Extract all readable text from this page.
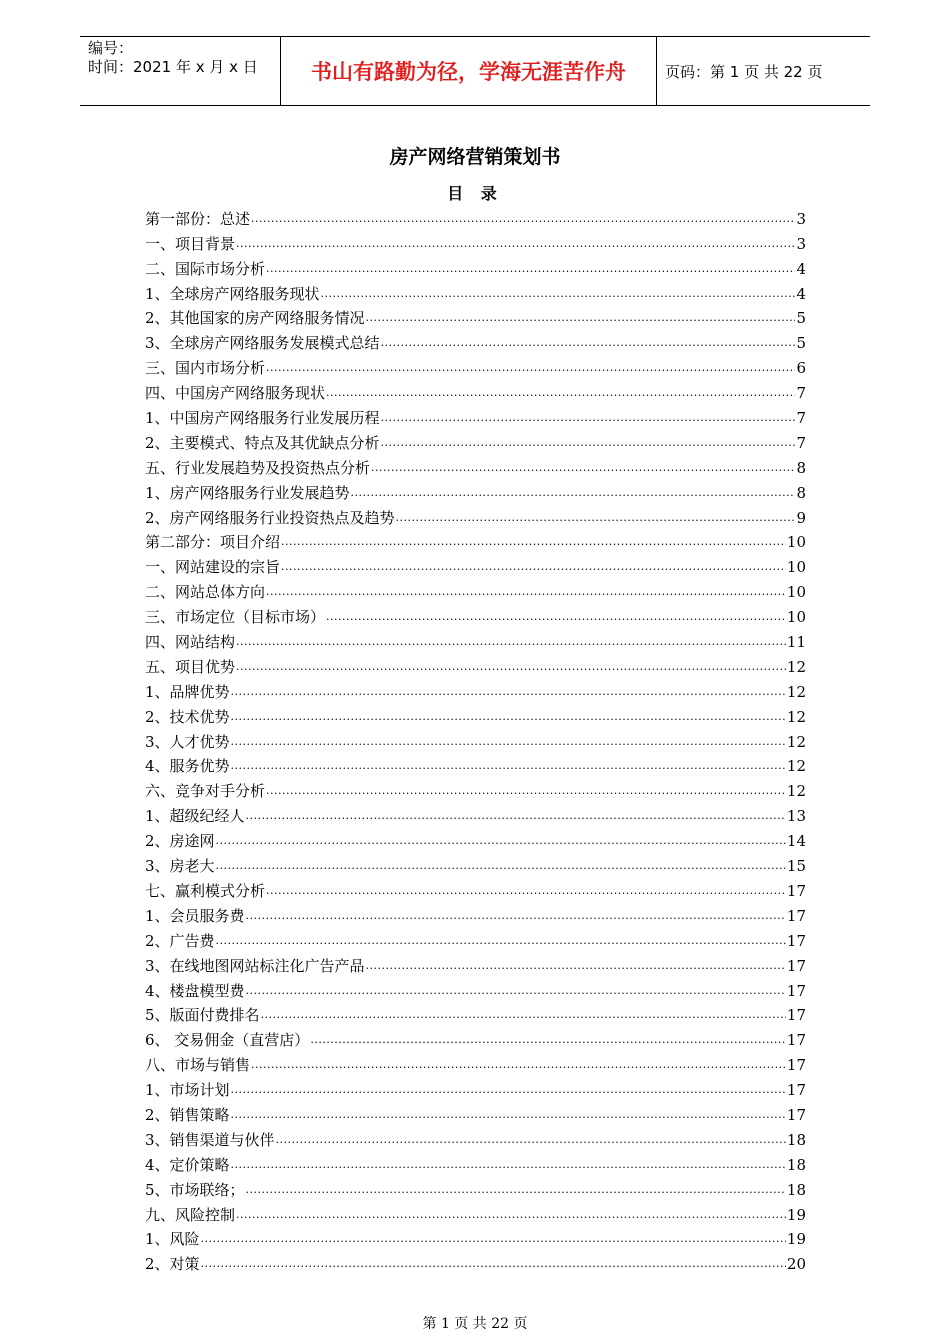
编号：
时间：2021 年 x 月 x 日	书山有路勤为径，学海无涯苦作舟	页码：第 1 页 共 22 页
房产网络营销策划书
目 录
第一部份：总述 .....	3
一、项目背景 .....	3
二、国际市场分析 .....	4
1、全球房产网络服务现状 .....	4
2、其他国家的房产网络服务情况 .....	5
3、全球房产网络服务发展模式总结 .....	5
三、国内市场分析 .....	6
四、中国房产网络服务现状 .....	7
1、中国房产网络服务行业发展历程 .....	7
2、主要模式、特点及其优缺点分析 .....	7
五、行业发展趋势及投资热点分析 .....	8
1、房产网络服务行业发展趋势 .....	8
2、房产网络服务行业投资热点及趋势 .....	9
第二部分：项目介绍 .....	10
一、网站建设的宗旨 .....	10
二、网站总体方向 .....	10
三、市场定位（目标市场） .....	10
四、网站结构 .....	11
五、项目优势 .....	12
1、品牌优势 .....	12
2、技术优势 .....	12
3、人才优势 .....	12
4、服务优势 .....	12
六、竞争对手分析 .....	12
1、超级纪经人 .....	13
2、房途网 .....	14
3、房老大 .....	15
七、赢利模式分析 .....	17
1、会员服务费 .....	17
2、广告费 .....	17
3、在线地图网站标注化广告产品 .....	17
4、楼盘模型费 .....	17
5、版面付费排名 .....	17
6、 交易佣金（直营店） .....	17
八、市场与销售 .....	17
1、市场计划 .....	17
2、销售策略 .....	17
3、销售渠道与伙伴 .....	18
4、定价策略 .....	18
5、市场联络； .....	18
九、风险控制 .....	19
1、风险 .....	19
2、对策 .....	20
第 1 页 共 22 页
